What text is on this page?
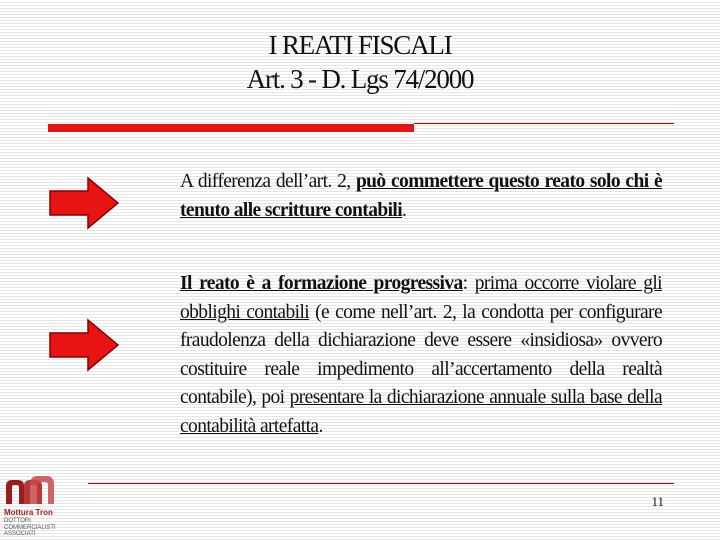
I REATI FISCALI
Art. 3 - D. Lgs 74/2000
A differenza dell’art. 2, può commettere questo reato solo chi è tenuto alle scritture contabili.
Il reato è a formazione progressiva: prima occorre violare gli obblighi contabili (e come nell’art. 2, la condotta per configurare fraudolenza della dichiarazione deve essere «insidiosa» ovvero costituire reale impedimento all’accertamento della realtà contabile), poi presentare la dichiarazione annuale sulla base della contabilità artefatta.
11
Mottura Tron
DOTTORI
COMMERCIALISTI
ASSOCIATI
